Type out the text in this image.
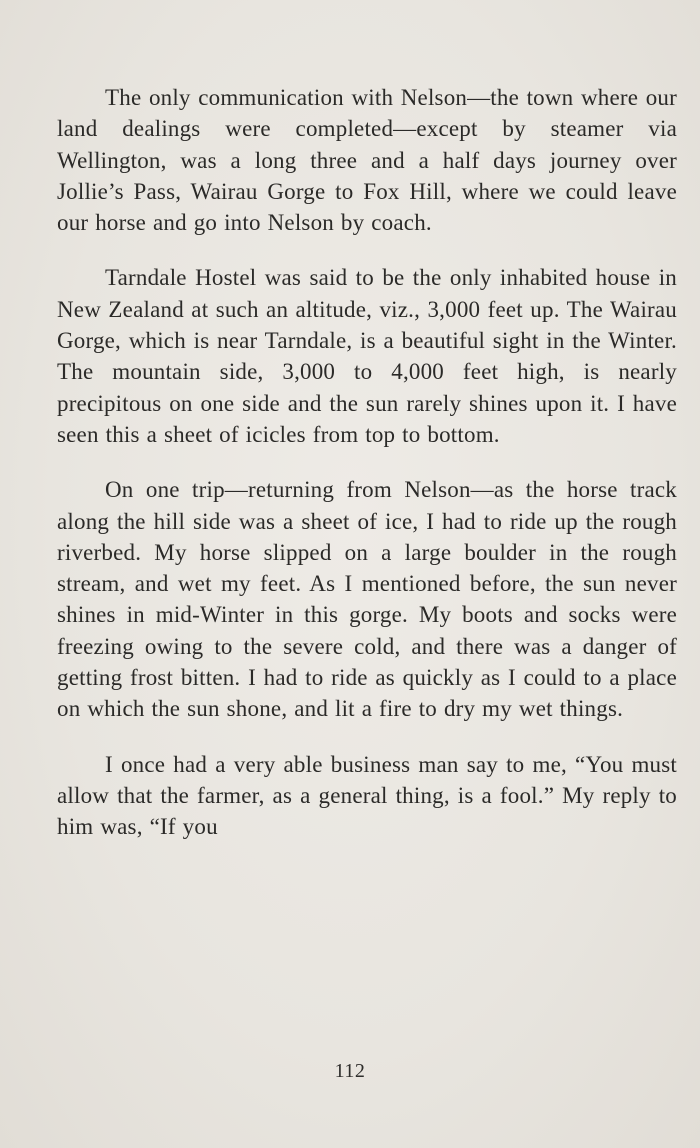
The only communication with Nelson—the town where our land dealings were completed—except by steamer via Wellington, was a long three and a half days journey over Jollie’s Pass, Wairau Gorge to Fox Hill, where we could leave our horse and go into Nelson by coach.

Tarndale Hostel was said to be the only inhabited house in New Zealand at such an altitude, viz., 3,000 feet up. The Wairau Gorge, which is near Tarndale, is a beautiful sight in the Winter. The mountain side, 3,000 to 4,000 feet high, is nearly precipitous on one side and the sun rarely shines upon it. I have seen this a sheet of icicles from top to bottom.

On one trip—returning from Nelson—as the horse track along the hill side was a sheet of ice, I had to ride up the rough riverbed. My horse slipped on a large boulder in the rough stream, and wet my feet. As I mentioned before, the sun never shines in mid-Winter in this gorge. My boots and socks were freezing owing to the severe cold, and there was a danger of getting frost bitten. I had to ride as quickly as I could to a place on which the sun shone, and lit a fire to dry my wet things.

I once had a very able business man say to me, “You must allow that the farmer, as a general thing, is a fool.” My reply to him was, “If you

112
